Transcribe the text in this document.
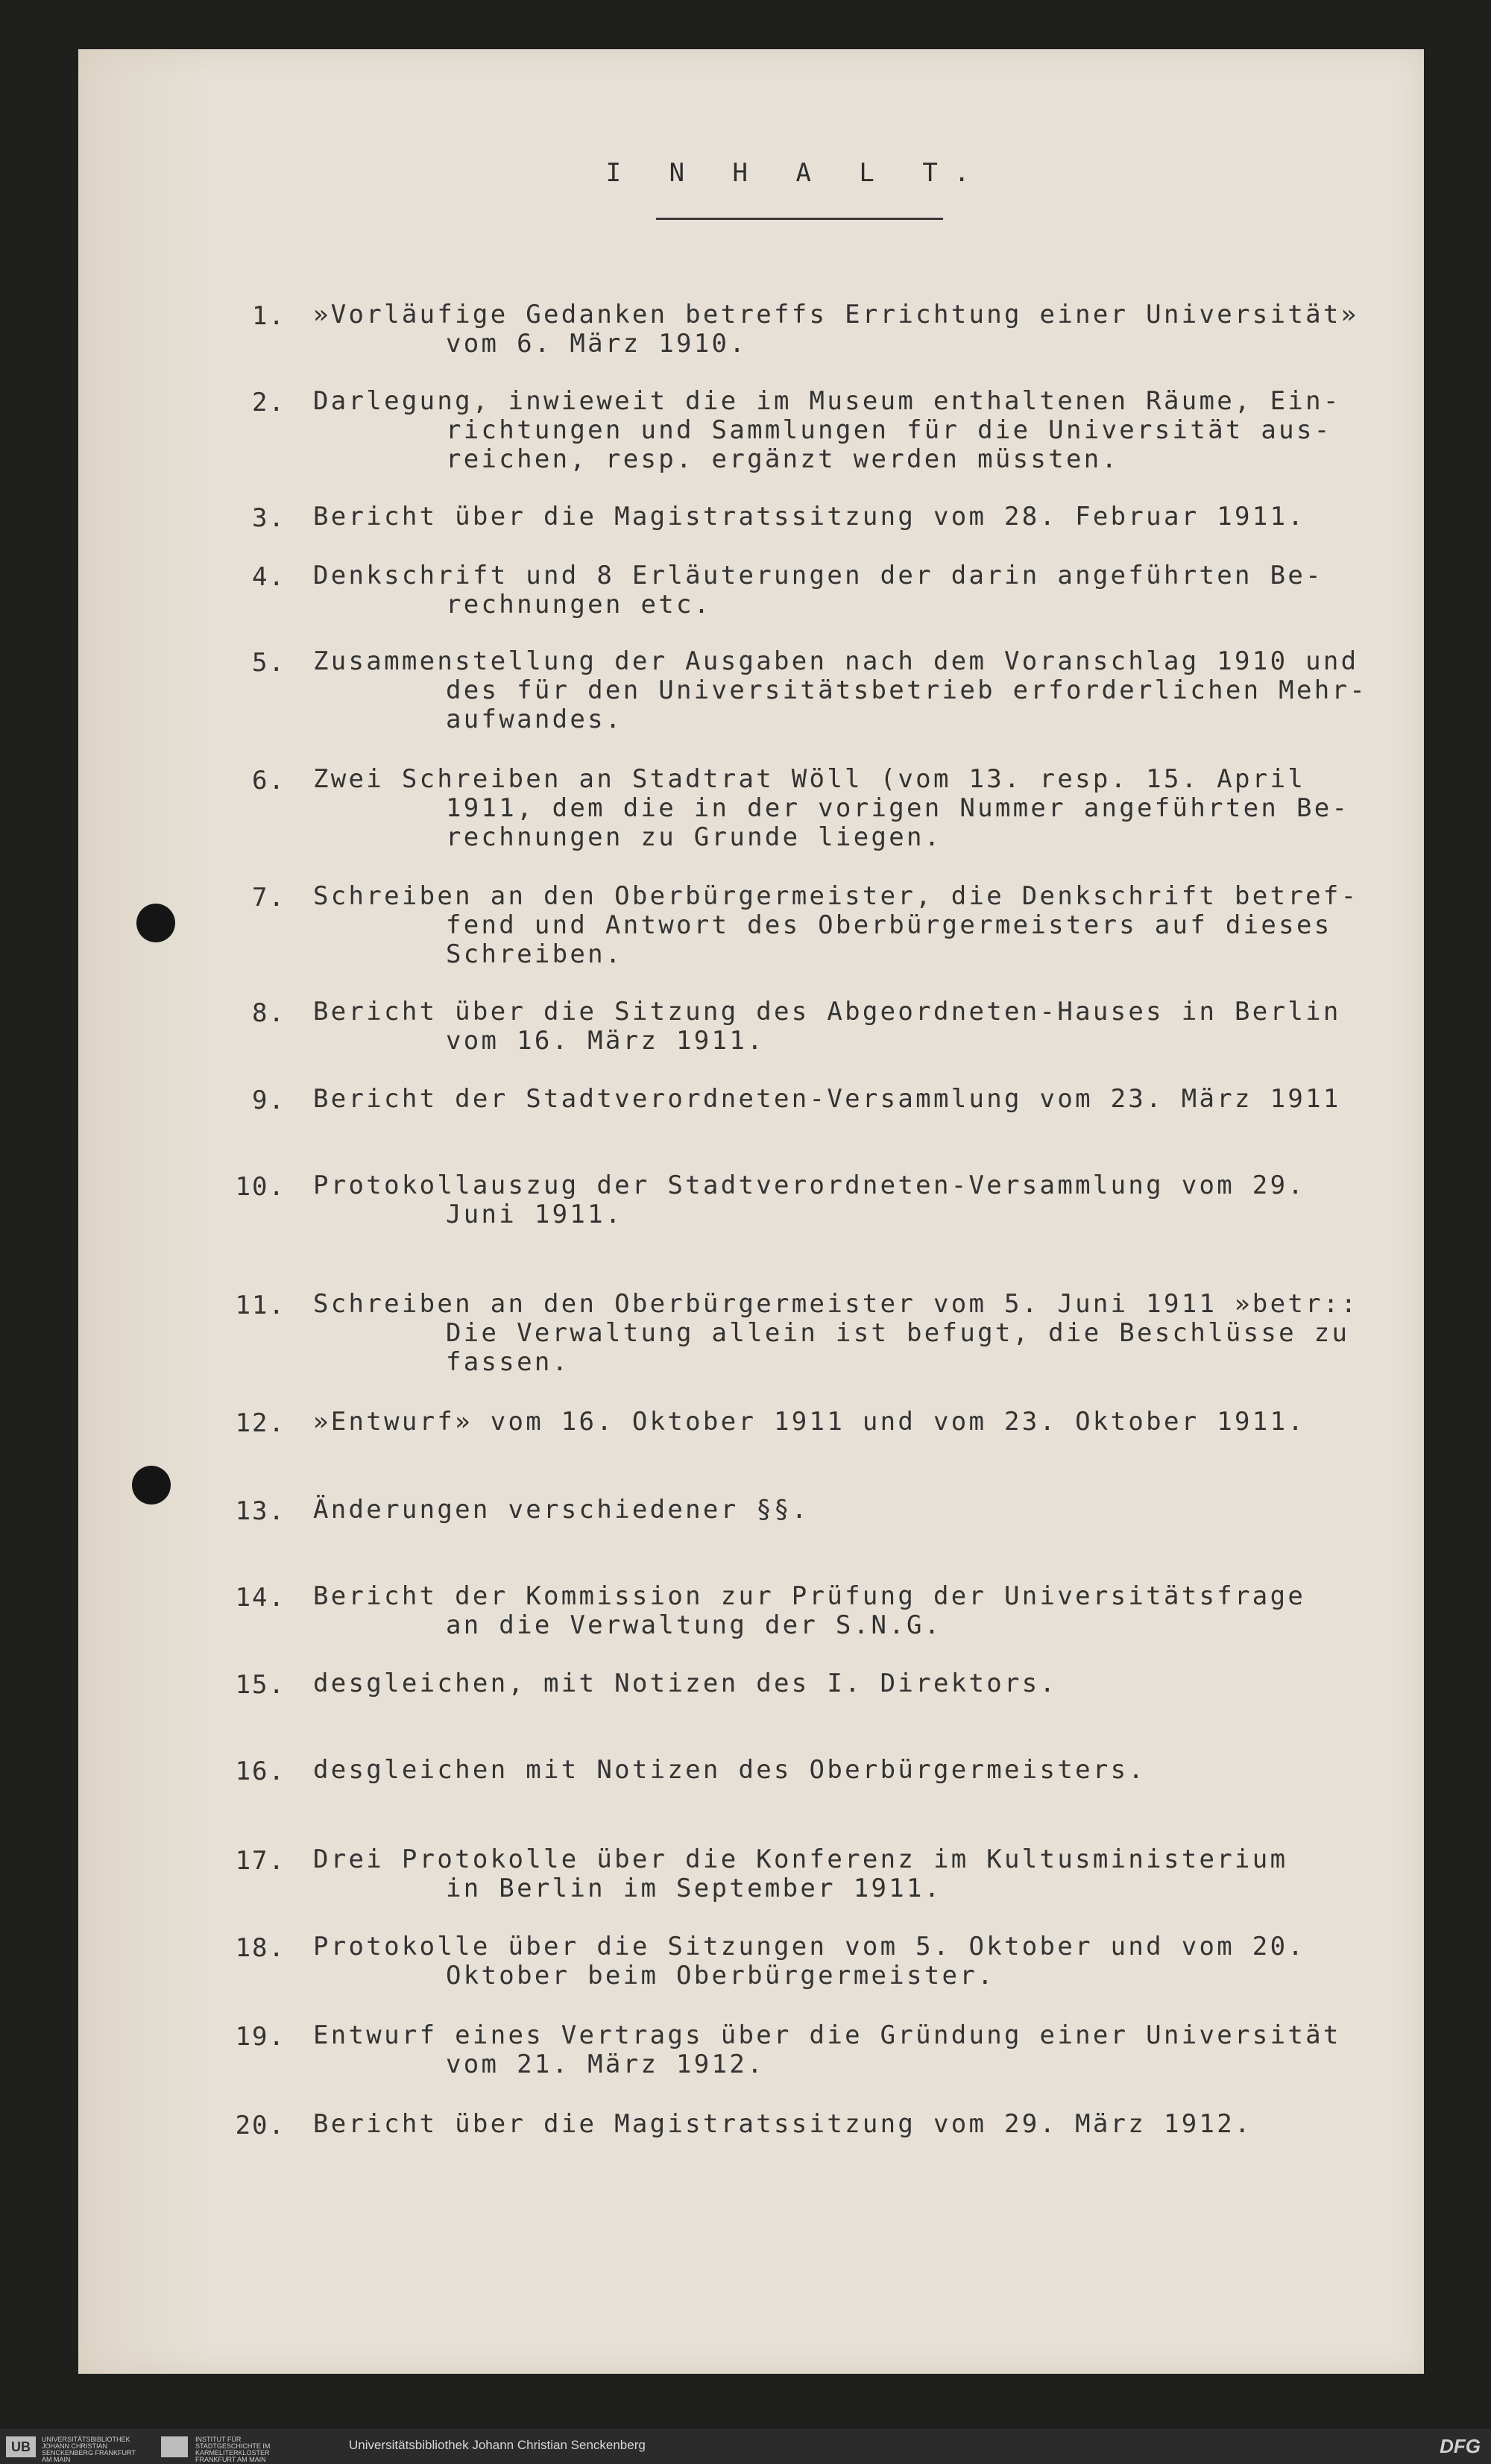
I N H A L T.
1. »Vorläufige Gedanken betreffs Errichtung einer Universität»
vom 6. März 1910.
2. Darlegung, inwieweit die im Museum enthaltenen Räume, Ein-
richtungen und Sammlungen für die Universität aus-
reichen, resp. ergänzt werden müssten.
3. Bericht über die Magistratssitzung vom 28. Februar 1911.
4. Denkschrift und 8 Erläuterungen der darin angeführten Be-
rechnungen etc.
5. Zusammenstellung der Ausgaben nach dem Voranschlag 1910 und
des für den Universitätsbetrieb erforderlichen Mehr-
aufwandes.
6. Zwei Schreiben an Stadtrat Wöll (vom 13. resp. 15. April
1911, dem die in der vorigen Nummer angeführten Be-
rechnungen zu Grunde liegen.
7. Schreiben an den Oberbürgermeister, die Denkschrift betref-
fend und Antwort des Oberbürgermeisters auf dieses
Schreiben.
8. Bericht über die Sitzung des Abgeordneten-Hauses in Berlin
vom 16. März 1911.
9. Bericht der Stadtverordneten-Versammlung vom 23. März 1911
10. Protokollauszug der Stadtverordneten-Versammlung vom 29.
Juni 1911.
11. Schreiben an den Oberbürgermeister vom 5. Juni 1911 »betr::
Die Verwaltung allein ist befugt, die Beschlüsse zu
fassen.
12. »Entwurf» vom 16. Oktober 1911 und vom 23. Oktober 1911.
13. Änderungen verschiedener §§.
14. Bericht der Kommission zur Prüfung der Universitätsfrage
an die Verwaltung der S.N.G.
15. desgleichen, mit Notizen des I. Direktors.
16. desgleichen mit Notizen des Oberbürgermeisters.
17. Drei Protokolle über die Konferenz im Kultusministerium
in Berlin im September 1911.
18. Protokolle über die Sitzungen vom 5. Oktober und vom 20.
Oktober beim Oberbürgermeister.
19. Entwurf eines Vertrags über die Gründung einer Universität
vom 21. März 1912.
20. Bericht über die Magistratssitzung vom 29. März 1912.
UB	UNIVERSITÄTSBIBLIOTHEK JOHANN CHRISTIAN SENCKENBERG FRANKFURT AM MAIN
INSTITUT FÜR STADTGESCHICHTE IM KARMELITERKLOSTER FRANKFURT AM MAIN
Universitätsbibliothek Johann Christian Senckenberg	DFG
